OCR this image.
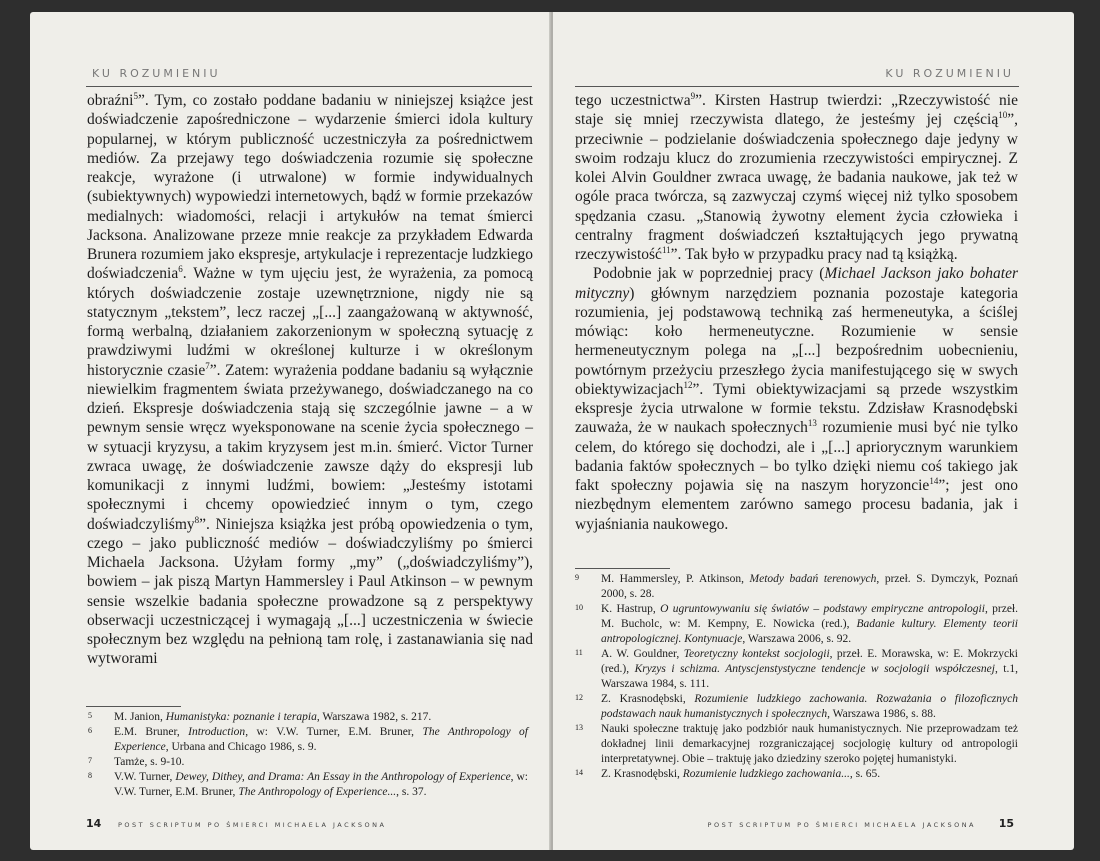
KU ROZUMIENIU

obraźni$^5$”. Tym, co zostało poddane badaniu w niniejszej książce jest doświadczenie zapośredniczone – wydarzenie śmierci idola kultury popularnej, w którym publiczność uczestniczyła za pośrednictwem mediów. Za przejawy tego doświadczenia rozumie się społeczne reakcje, wyrażone (i utrwalone) w formie indywidualnych (subiektywnych) wypowiedzi internetowych, bądź w formie przekazów medialnych: wiadomości, relacji i artykułów na temat śmierci Jacksona. Analizowane przeze mnie reakcje za przykładem Edwarda Brunera rozumiem jako ekspresje, artykulacje i reprezentacje ludzkiego doświadczenia$^6$. Ważne w tym ujęciu jest, że wyrażenia, za pomocą których doświadczenie zostaje uzewnętrznione, nigdy nie są statycznym „tekstem”, lecz raczej „[...] zaangażowaną w aktywność, formą werbalną, działaniem zakorzenionym w społeczną sytuację z prawdziwymi ludźmi w określonej kulturze i w określonym historycznie czasie$^7$”. Zatem: wyrażenia poddane badaniu są wyłącznie niewielkim fragmentem świata przeżywanego, doświadczanego na co dzień. Ekspresje doświadczenia stają się szczególnie jawne – a w pewnym sensie wręcz wyeksponowane na scenie życia społecznego – w sytuacji kryzysu, a takim kryzysem jest m.in. śmierć. Victor Turner zwraca uwagę, że doświadczenie zawsze dąży do ekspresji lub komunikacji z innymi ludźmi, bowiem: „Jesteśmy istotami społecznymi i chcemy opowiedzieć innym o tym, czego doświadczyliśmy$^8$”. Niniejsza książka jest próbą opowiedzenia o tym, czego – jako publiczność mediów – doświadczyliśmy po śmierci Michaela Jacksona. Użyłam formy „my” („doświadczyliśmy”), bowiem – jak piszą Martyn Hammersley i Paul Atkinson – w pewnym sensie wszelkie badania społeczne prowadzone są z perspektywy obserwacji uczestniczącej i wymagają „[...] uczestniczenia w świecie społecznym bez względu na pełnioną tam rolę, i zastanawiania się nad wytworami

5 M. Janion, Humanistyka: poznanie i terapia, Warszawa 1982, s. 217.
6 E.M. Bruner, Introduction, w: V.W. Turner, E.M. Bruner, The Anthropology of Experience, Urbana and Chicago 1986, s. 9.
7 Tamże, s. 9-10.
8 V.W. Turner, Dewey, Dithey, and Drama: An Essay in the Anthropology of Experience, w: V.W. Turner, E.M. Bruner, The Anthropology of Experience..., s. 37.
14	POST SCRIPTUM PO ŚMIERCI MICHAELA JACKSONA
KU ROZUMIENIU

tego uczestnictwa$^9$”. Kirsten Hastrup twierdzi: „Rzeczywistość nie staje się mniej rzeczywista dlatego, że jesteśmy jej częścią$^{10}$”, przeciwnie – podzielanie doświadczenia społecznego daje jedyny w swoim rodzaju klucz do zrozumienia rzeczywistości empirycznej. Z kolei Alvin Gouldner zwraca uwagę, że badania naukowe, jak też w ogóle praca twórcza, są zazwyczaj czymś więcej niż tylko sposobem spędzania czasu. „Stanowią żywotny element życia człowieka i centralny fragment doświadczeń kształtujących jego prywatną rzeczywistość$^{11}$”. Tak było w przypadku pracy nad tą książką.

Podobnie jak w poprzedniej pracy (Michael Jackson jako bohater mityczny) głównym narzędziem poznania pozostaje kategoria rozumienia, jej podstawową techniką zaś hermeneutyka, a ściślej mówiąc: koło hermeneutyczne. Rozumienie w sensie hermeneutycznym polega na „[...] bezpośrednim uobecnieniu, powtórnym przeżyciu przeszłego życia manifestującego się w swych obiektywizacjach$^{12}$”. Tymi obiektywizacjami są przede wszystkim ekspresje życia utrwalone w formie tekstu. Zdzisław Krasnodębski zauważa, że w naukach społecznych$^{13}$ rozumienie musi być nie tylko celem, do którego się dochodzi, ale i „[...] apriorycznym warunkiem badania faktów społecznych – bo tylko dzięki niemu coś takiego jak fakt społeczny pojawia się na naszym horyzoncie$^{14}$”; jest ono niezbędnym elementem zarówno samego procesu badania, jak i wyjaśniania naukowego.

9 M. Hammersley, P. Atkinson, Metody badań terenowych, przeł. S. Dymczyk, Poznań 2000, s. 28.
10 K. Hastrup, O ugruntowywaniu się światów – podstawy empiryczne antropologii, przeł. M. Bucholc, w: M. Kempny, E. Nowicka (red.), Badanie kultury. Elementy teorii antropologicznej. Kontynuacje, Warszawa 2006, s. 92.
11 A. W. Gouldner, Teoretyczny kontekst socjologii, przeł. E. Morawska, w: E. Mokrzycki (red.), Kryzys i schizma. Antyscjenstystyczne tendencje w socjologii współczesnej, t.1, Warszawa 1984, s. 111.
12 Z. Krasnodębski, Rozumienie ludzkiego zachowania. Rozważania o filozoficznych podstawach nauk humanistycznych i społecznych, Warszawa 1986, s. 88.
13 Nauki społeczne traktuję jako podzbiór nauk humanistycznych. Nie przeprowadzam też dokładnej linii demarkacyjnej rozgraniczającej socjologię kultury od antropologii interpretatywnej. Obie – traktuję jako dziedziny szeroko pojętej humanistyki.
14 Z. Krasnodębski, Rozumienie ludzkiego zachowania..., s. 65.
15
POST SCRIPTUM PO ŚMIERCI MICHAELA JACKSONA
